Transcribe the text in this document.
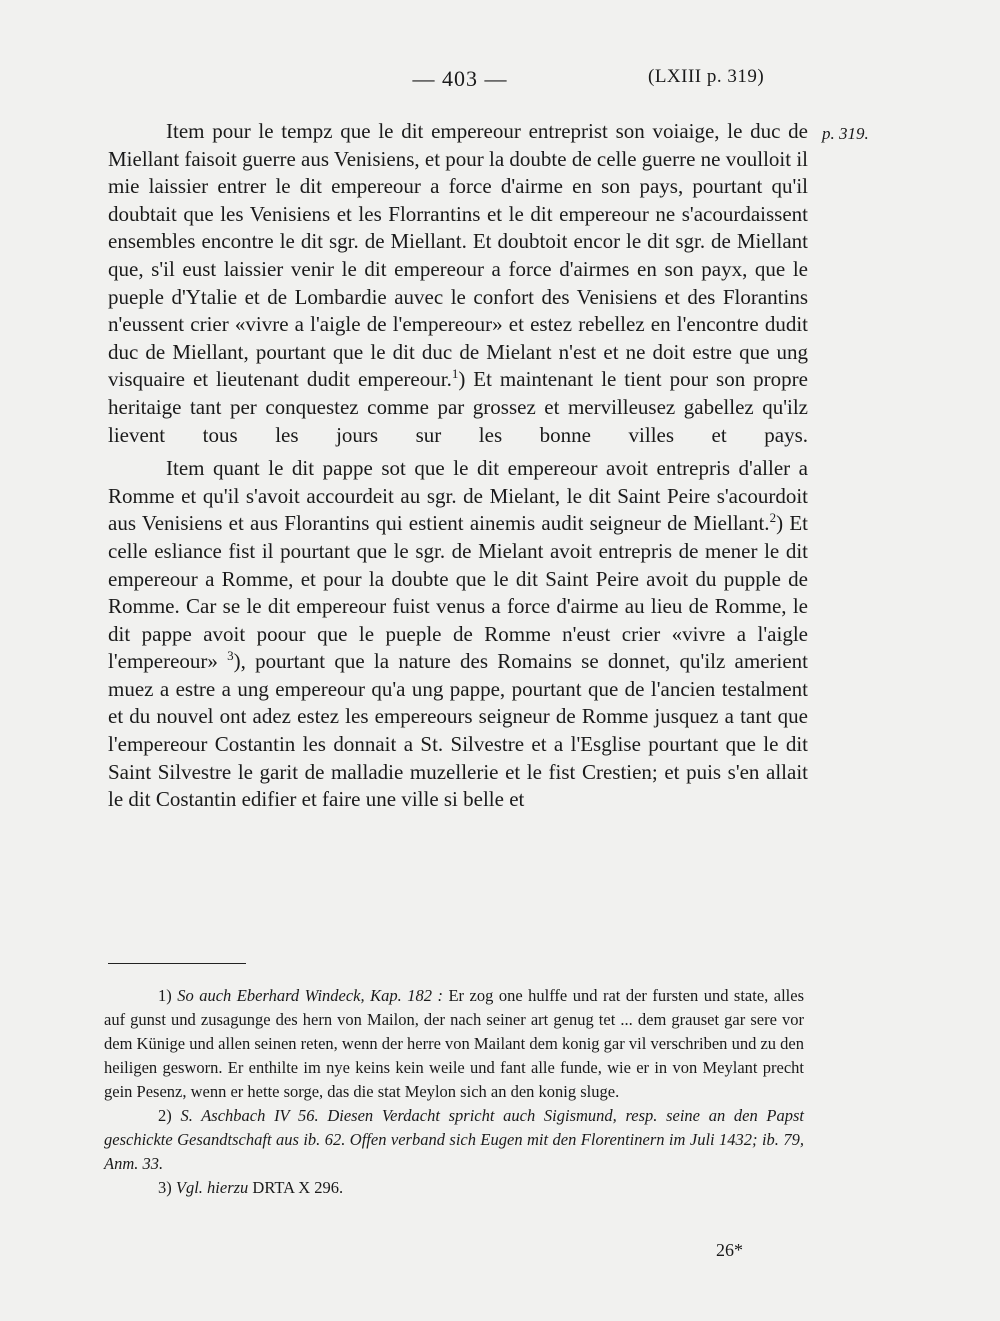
— 403 —	(LXIII p. 319)
p. 319.

Item pour le tempz que le dit empereour entreprist son voiaige, le duc de Miellant faisoit guerre aus Venisiens, et pour la doubte de celle guerre ne voulloit il mie laissier entrer le dit empereour a force d'airme en son pays, pourtant qu'il doubtait que les Venisiens et les Florrantins et le dit empereour ne s'acourdaissent ensembles encontre le dit sgr. de Miellant. Et doubtoit encor le dit sgr. de Miellant que, s'il eust laissier venir le dit empereour a force d'airmes en son payx, que le pueple d'Ytalie et de Lombardie auvec le confort des Venisiens et des Florantins n'eussent crier «vivre a l'aigle de l'empereour» et estez rebellez en l'encontre dudit duc de Miellant, pourtant que le dit duc de Mielant n'est et ne doit estre que ung visquaire et lieutenant dudit empereour.$^1$) Et maintenant le tient pour son propre heritaige tant per conquestez comme par grossez et mervilleusez gabellez qu'ilz lievent tous les jours sur les bonne villes et pays.

Item quant le dit pappe sot que le dit empereour avoit entrepris d'aller a Romme et qu'il s'avoit accourdeit au sgr. de Mielant, le dit Saint Peire s'acourdoit aus Venisiens et aus Florantins qui estient ainemis audit seigneur de Miellant.$^2$) Et celle esliance fist il pourtant que le sgr. de Mielant avoit entrepris de mener le dit empereour a Romme, et pour la doubte que le dit Saint Peire avoit du pupple de Romme. Car se le dit empereour fuist venus a force d'airme au lieu de Romme, le dit pappe avoit poour que le pueple de Romme n'eust crier «vivre a l'aigle l'empereour» $^3$), pourtant que la nature des Romains se donnet, qu'ilz amerient muez a estre a ung empereour qu'a ung pappe, pourtant que de l'ancien testalment et du nouvel ont adez estez les empereours seigneur de Romme jusquez a tant que l'empereour Costantin les donnait a St. Silvestre et a l'Esglise pourtant que le dit Saint Silvestre le garit de malladie muzellerie et le fist Crestien; et puis s'en allait le dit Costantin edifier et faire une ville si belle et

1) So auch Eberhard Windeck, Kap. 182 : Er zog one hulffe und rat der fursten und state, alles auf gunst und zusagunge des hern von Mailon, der nach seiner art genug tet ... dem grauset gar sere vor dem Künige und allen seinen reten, wenn der herre von Mailant dem konig gar vil verschriben und zu den heiligen gesworn. Er enthilte im nye keins kein weile und fant alle funde, wie er in von Meylant precht gein Pesenz, wenn er hette sorge, das die stat Meylon sich an den konig sluge.

2) S. Aschbach IV 56. Diesen Verdacht spricht auch Sigismund, resp. seine an den Papst geschickte Gesandtschaft aus ib. 62. Offen verband sich Eugen mit den Florentinern im Juli 1432; ib. 79, Anm. 33.

3) Vgl. hierzu DRTA X 296.

26*
